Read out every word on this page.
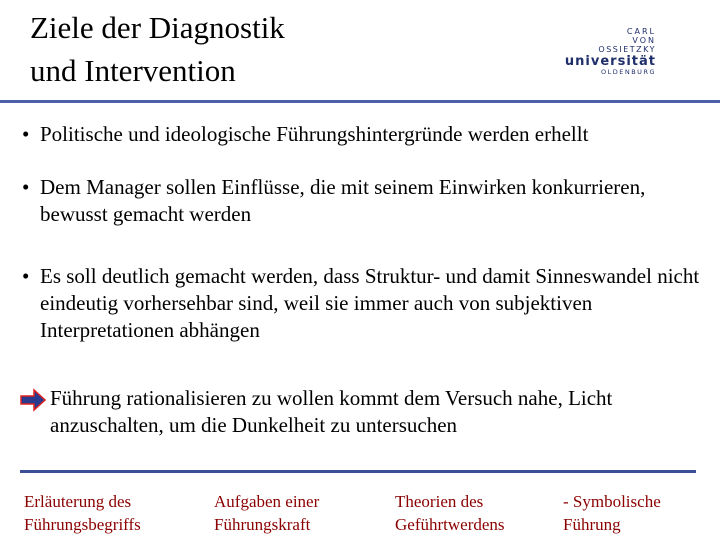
Ziele der Diagnostik
und Intervention
CARL
VON
OSSIETZKY
universität
OLDENBURG
• Politische und ideologische Führungshintergründe werden erhellt
• Dem Manager sollen Einflüsse, die mit seinem Einwirken konkurrieren, bewusst gemacht werden
• Es soll deutlich gemacht werden, dass Struktur- und damit Sinneswandel nicht eindeutig vorhersehbar sind, weil sie immer auch von subjektiven Interpretationen abhängen
Führung rationalisieren zu wollen kommt dem Versuch nahe, Licht anzuschalten, um die Dunkelheit zu untersuchen
Erläuterung des
Führungsbegriffs
Aufgaben einer
Führungskraft
Theorien des
Geführtwerdens
- Symbolische
Führung
